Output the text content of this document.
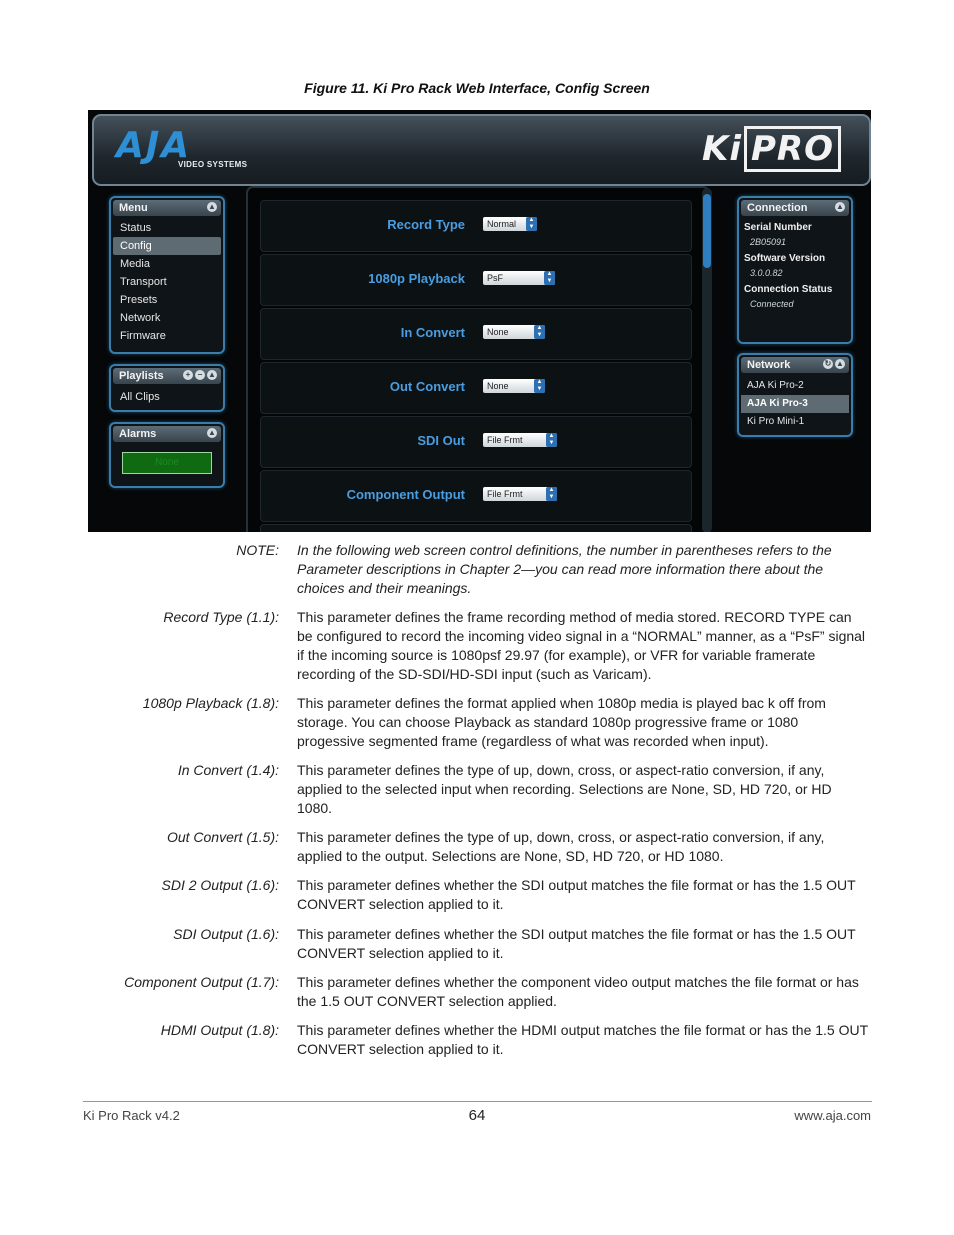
Figure 11. Ki Pro Rack Web Interface, Config Screen
AJA
VIDEO SYSTEMS	Ki PRO
Menu	▲
Status
Config
Media
Transport
Presets
Network
Firmware
Playlists	+ − ▲
All Clips
Alarms	▲
None
Record Type	Normal	▲
▼
1080p Playback	PsF	▲
▼
In Convert	None	▲
▼
Out Convert	None	▲
▼
SDI Out	File Frmt	▲
▼
Component Output	File Frmt	▲
▼
Connection	▲
Serial Number
2B05091
Software Version
3.0.0.82
Connection Status
Connected
Network	↻ ▲
AJA Ki Pro-2
AJA Ki Pro-3
Ki Pro Mini-1
NOTE: In the following web screen control definitions, the number in parentheses refers to the Parameter descriptions in Chapter 2—you can read more information there about the choices and their meanings.
Record Type (1.1): This parameter defines the frame recording method of media stored. RECORD TYPE can be configured to record the incoming video signal in a “NORMAL” manner, as a “PsF” signal if the incoming source is 1080psf 29.97 (for example), or VFR for variable framerate recording of the SD-SDI/HD-SDI input (such as Varicam).
1080p Playback (1.8): This parameter defines the format applied when 1080p media is played bac k off from storage. You can choose Playback as standard 1080p progressive frame or 1080 progessive segmented frame (regardless of what was recorded when input).
In Convert (1.4): This parameter defines the type of up, down, cross, or aspect-ratio conversion, if any, applied to the selected input when recording. Selections are None, SD, HD 720, or HD 1080.
Out Convert (1.5): This parameter defines the type of up, down, cross, or aspect-ratio conversion, if any, applied to the output. Selections are None, SD, HD 720, or HD 1080.
SDI 2 Output (1.6): This parameter defines whether the SDI output matches the file format or has the 1.5 OUT CONVERT selection applied to it.
SDI Output (1.6): This parameter defines whether the SDI output matches the file format or has the 1.5 OUT CONVERT selection applied to it.
Component Output (1.7): This parameter defines whether the component video output matches the file format or has the 1.5 OUT CONVERT selection applied.
HDMI Output (1.8): This parameter defines whether the HDMI output matches the file format or has the 1.5 OUT CONVERT selection applied to it.
Ki Pro Rack v4.2	64	www.aja.com
